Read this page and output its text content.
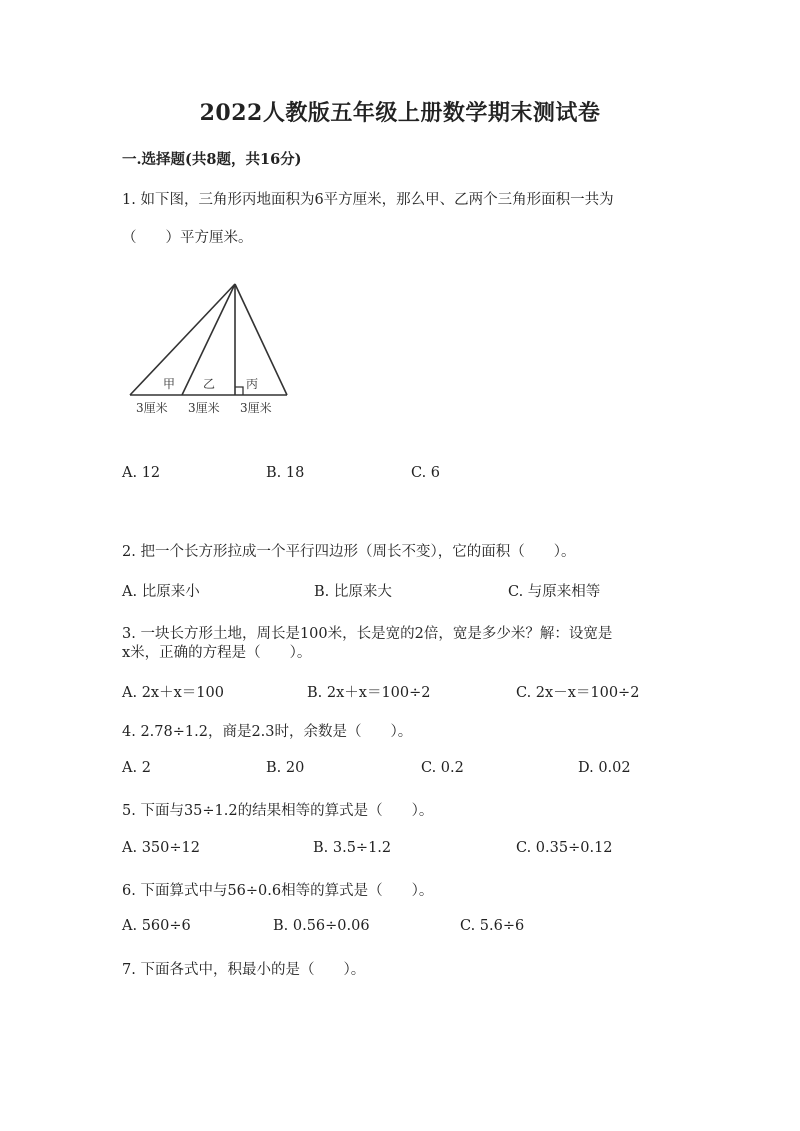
2022人教版五年级上册数学期末测试卷
一.选择题(共8题，共16分)
1. 如下图，三角形丙地面积为6平方厘米，那么甲、乙两个三角形面积一共为
（　　）平方厘米。
甲 乙	丙
3厘米 3厘米 3厘米
A. 12	B. 18	C. 6
2. 把一个长方形拉成一个平行四边形（周长不变），它的面积（　　）。
A. 比原来小	B. 比原来大	C. 与原来相等
3. 一块长方形土地，周长是100米，长是宽的2倍，宽是多少米？解：设宽是
x米，正确的方程是（　　）。
A. 2x＋x＝100	B. 2x＋x＝100÷2	C. 2x－x＝100÷2
4. 2.78÷1.2，商是2.3时，余数是（　　）。
A. 2	B. 20	C. 0.2	D. 0.02
5. 下面与35÷1.2的结果相等的算式是（　　）。
A. 350÷12	B. 3.5÷1.2	C. 0.35÷0.12
6. 下面算式中与56÷0.6相等的算式是（　　）。
A. 560÷6	B. 0.56÷0.06	C. 5.6÷6
7. 下面各式中，积最小的是（　　）。
